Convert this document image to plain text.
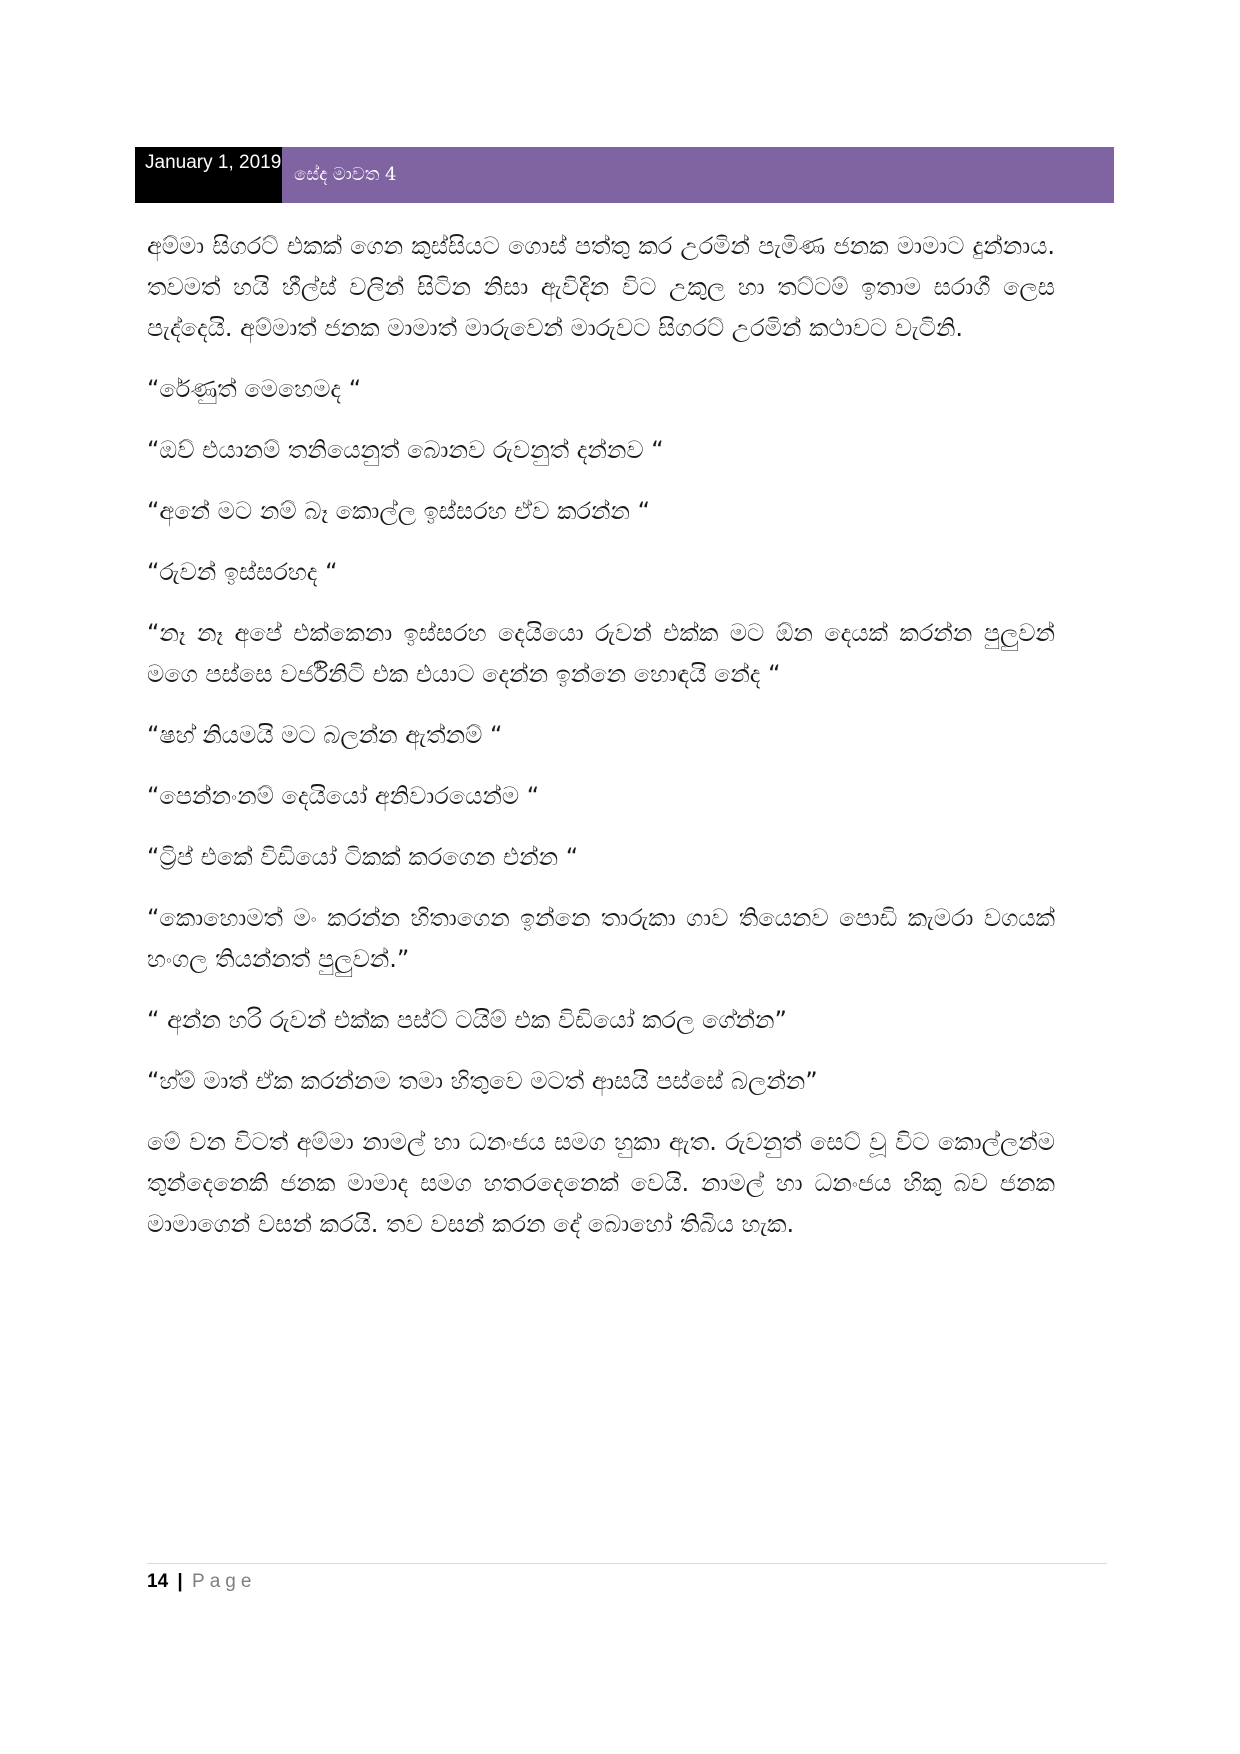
January 1, 2019
සේද මාවත 4

අම්මා සිගරට් එකක් ගෙන කුස්සියට ගොස් පත්තු කර උරමින් පැමිණ ජනක මාමාට දුන්නාය. තවමත් හයි හීල්ස් වලින් සිටින නිසා ඇවිදින විට උකුල හා තට්ටම් ඉතාම සරාගී ලෙස පැද්දෙයි. අම්මාත් ජනක මාමාත් මාරුවෙන් මාරුවට සිගරට් උරමින් කථාවට වැටිනි.

“රේණුත් මෙහෙමද “

“ඔව් එයානම් තනියෙනුත් බොනව රුවනුත් දන්නව “

“අනේ මට නම් බෑ කොල්ල ඉස්සරහ ඒව කරන්න “

“රුවන් ඉස්සරහද “

“නෑ නෑ අපේ එක්කෙනා ඉස්සරහ දෙයියො රුවන් එක්ක මට ඕන දෙයක් කරන්න පුලුවන් මගෙ පස්සෙ වර්ජිනිටි එක එයාට දෙන්න ඉන්නෙ හොඳයි නේද “

“ෂහ් නියමයි මට බලන්න ඇත්නම් “

“පෙන්නංනම් දෙයියෝ අනිවාරයෙන්ම “

“ට්‍රිප් එකේ විඩියෝ ටිකක් කරගෙන එන්න “

“කොහොමත් මං කරන්න හිතාගෙන ඉන්නෙ තාරුකා ගාව තියෙනව පොඩි කැමරා වගයක් හංගල තියන්නත් පුලුවන්.”

“ අන්න හරි රුවන් එක්ක පස්ට් ටයිම් එක විඩියෝ කරල ගේන්න”

“හ්ම් මාත් ඒක කරන්නම තමා හිතුවෙ මටත් ආසයි පස්සේ බලන්න”

මේ වන විටත් අම්මා නාමල් හා ධනංජය සමග හුකා ඇත. රුවනුත් සෙට් වූ විට කොල්ලන්ම තුන්දෙනෙකි ජනක මාමාද සමග හතරදෙනෙක් වෙයි. නාමල් හා ධනංජය හිකු බව ජනක මාමාගෙන් වසන් කරයි. තව වසන් කරන දේ බොහෝ තිබිය හැක.

14 | Page
